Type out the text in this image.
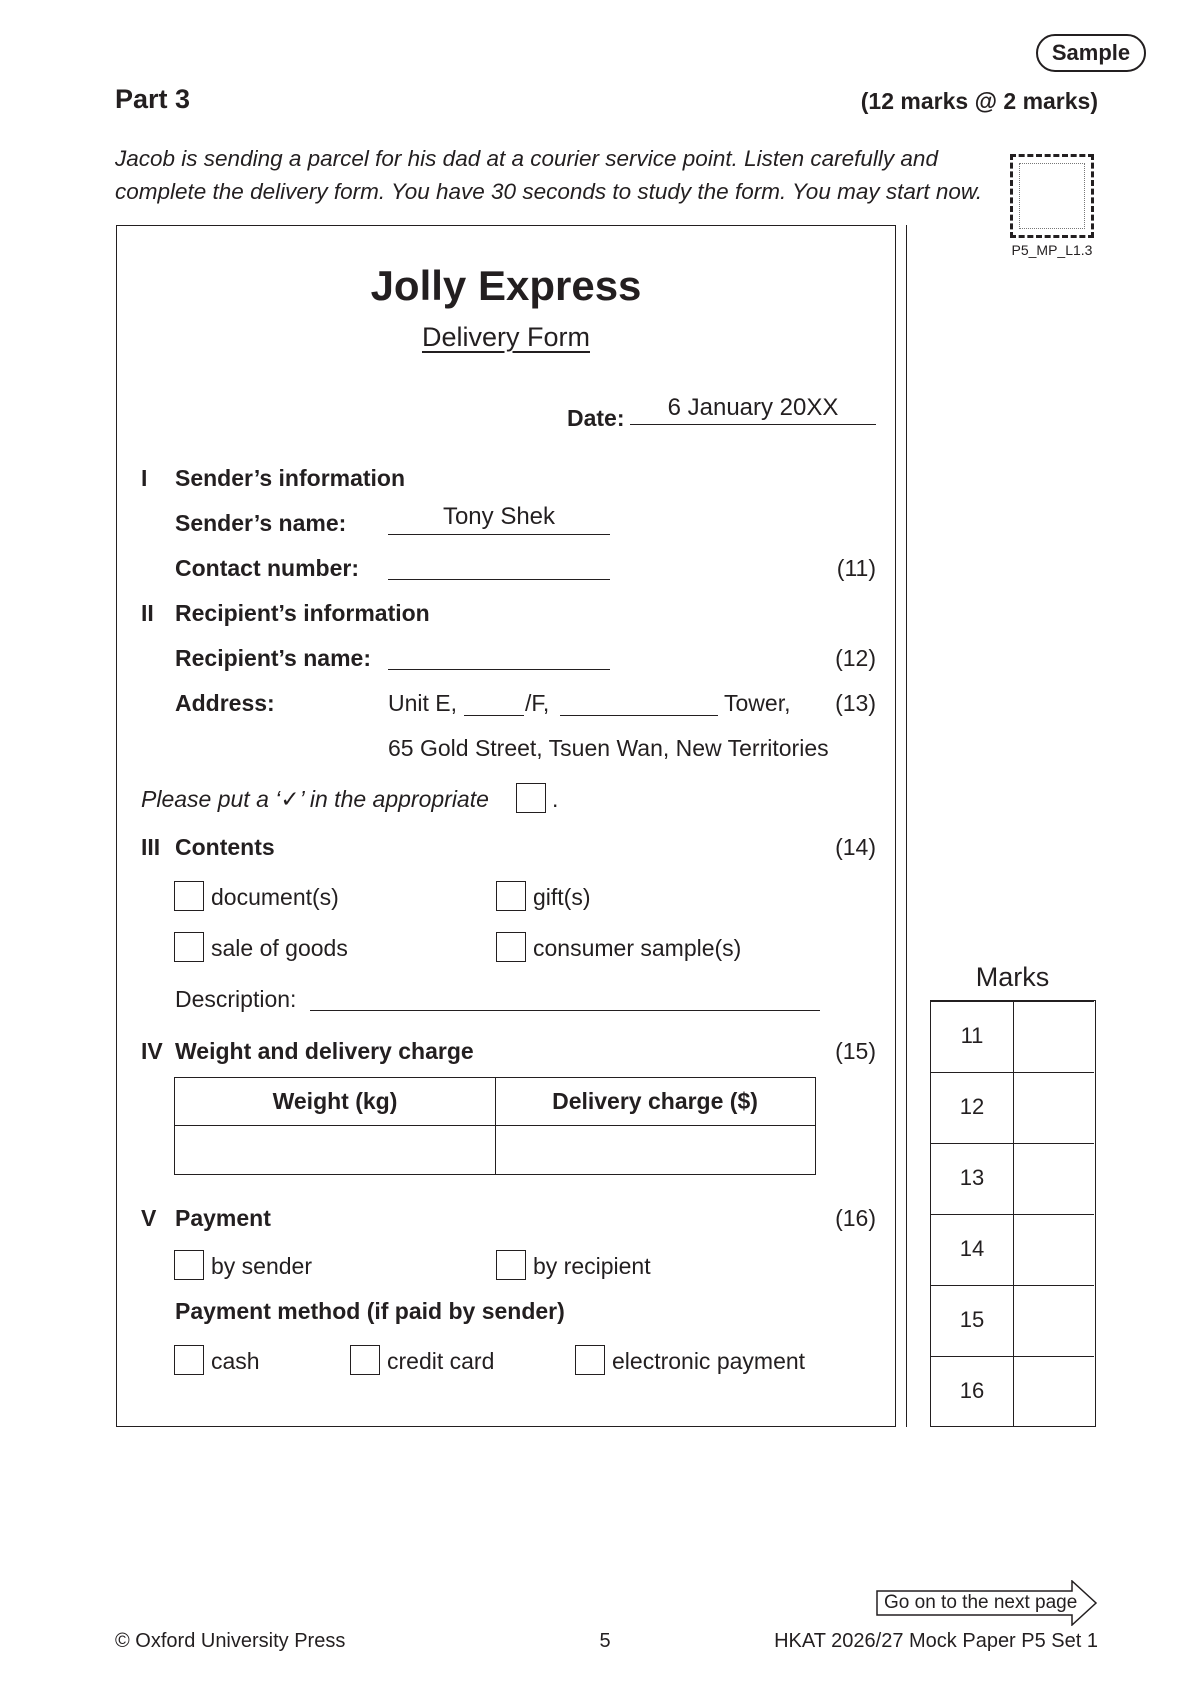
Sample
Part 3	(12 marks @ 2 marks)
Jacob is sending a parcel for his dad at a courier service point. Listen carefully and complete the delivery form. You have 30 seconds to study the form. You may start now.
P5_MP_L1.3
Jolly Express
Delivery Form
Date:	6 January 20XX
I Sender’s information
Sender’s name:	Tony Shek
Contact number:	(11)
II Recipient’s information
Recipient’s name:	(12)
Address:	Unit E,	/F,	Tower,	(13)
65 Gold Street, Tsuen Wan, New Territories
Please put a ‘✓’ in the appropriate	.
III Contents	(14)
document(s)	gift(s)
sale of goods	consumer sample(s)
Description:
IV Weight and delivery charge	(15)
Weight (kg)	Delivery charge ($)
V Payment	(16)
by sender	by recipient
Payment method (if paid by sender)
cash	credit card	electronic payment
Marks
11
12
13
14
15
16
Go on to the next page
© Oxford University Press	5	HKAT 2026/27 Mock Paper P5 Set 1
